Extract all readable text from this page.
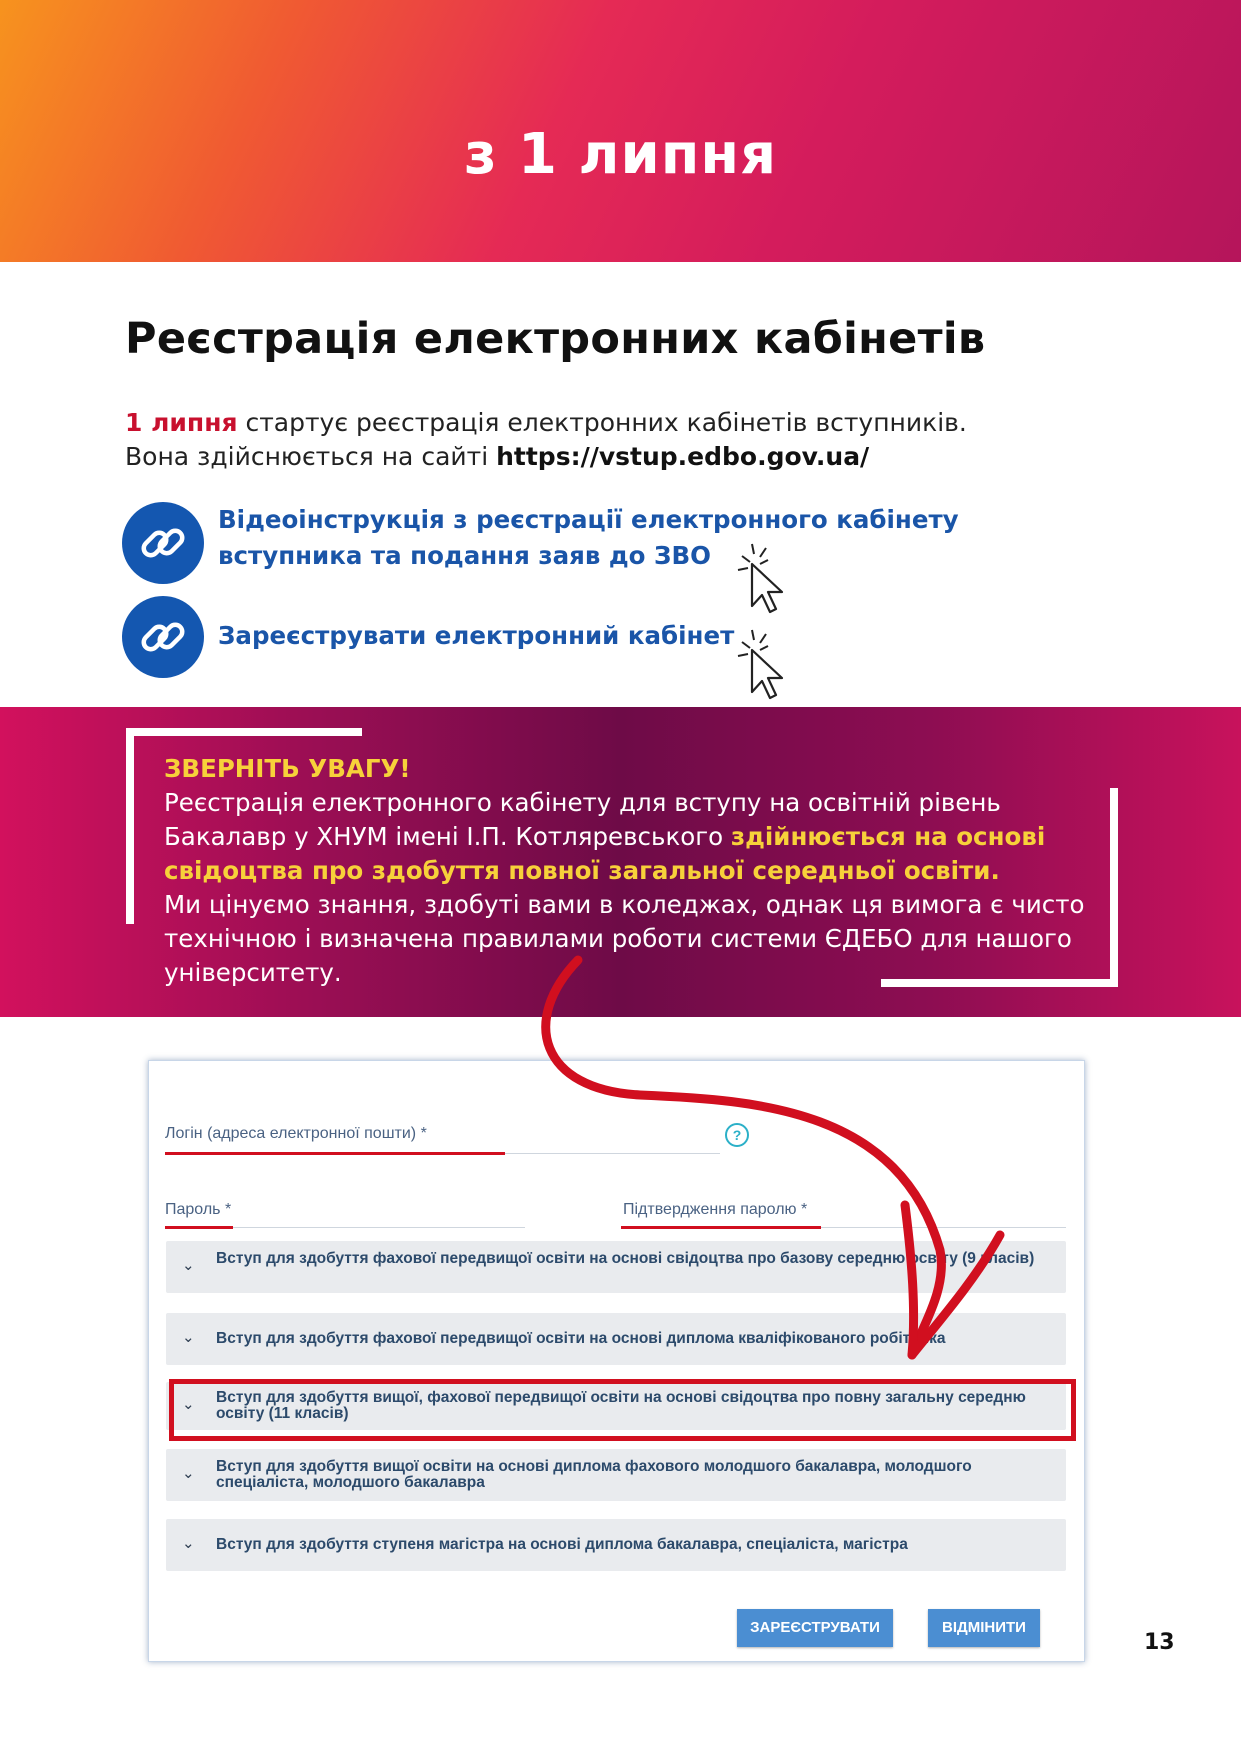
з 1 липня
Реєстрація електронних кабінетів
1 липня стартує реєстрація електронних кабінетів вступників.
Вона здійснюється на сайті https://vstup.edbo.gov.ua/
Відеоінструкція з реєстрації електронного кабінету
вступника та подання заяв до ЗВО
Зареєструвати електронний кабінет
ЗВЕРНІТЬ УВАГУ!
Реєстрація електронного кабінету для вступу на освітній рівень Бакалавр у ХНУМ імені І.П. Котляревського здійнюється на основі свідоцтва про здобуття повної загальної середньої освіти.
Ми цінуємо знання, здобуті вами в коледжах, однак ця вимога є чисто технічною і визначена правилами роботи системи ЄДЕБО для нашого університету.
Логін (адреса електронної пошти) *	?
Пароль *	Підтвердження паролю *
⌄ Вступ для здобуття фахової передвищої освіти на основі свідоцтва про базову середню освіту (9 класів)
⌄ Вступ для здобуття фахової передвищої освіти на основі диплома кваліфікованого робітника
⌄ Вступ для здобуття вищої, фахової передвищої освіти на основі свідоцтва про повну загальну середню освіту (11 класів)
⌄ Вступ для здобуття вищої освіти на основі диплома фахового молодшого бакалавра, молодшого спеціаліста, молодшого бакалавра
⌄ Вступ для здобуття ступеня магістра на основі диплома бакалавра, спеціаліста, магістра
ЗАРЕЄСТРУВАТИ	ВІДМІНИТИ
13
